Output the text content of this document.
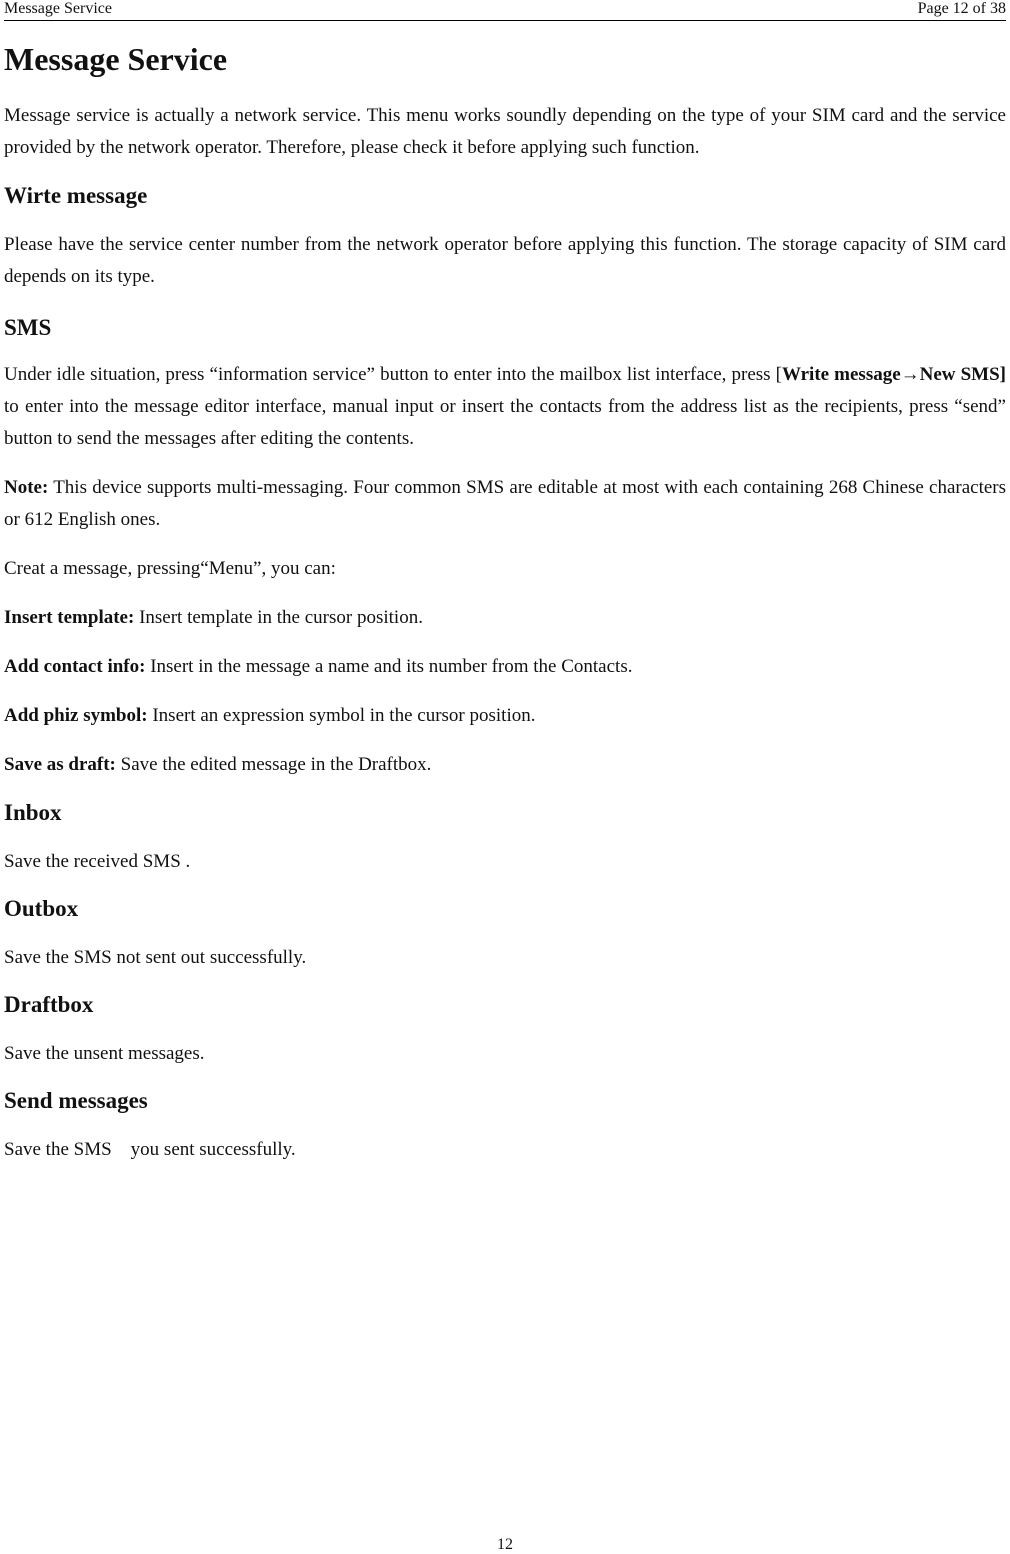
Message Service	Page 12 of 38
Message Service

Message service is actually a network service. This menu works soundly depending on the type of your SIM card and the service provided by the network operator. Therefore, please check it before applying such function.

Wirte message

Please have the service center number from the network operator before applying this function. The storage capacity of SIM card depends on its type.

SMS

Under idle situation, press “information service” button to enter into the mailbox list interface, press [Write message→New SMS] to enter into the message editor interface, manual input or insert the contacts from the address list as the recipients, press “send” button to send the messages after editing the contents.

Note: This device supports multi-messaging. Four common SMS are editable at most with each containing 268 Chinese characters or 612 English ones.

Creat a message, pressing“Menu”, you can:

Insert template: Insert template in the cursor position.

Add contact info: Insert in the message a name and its number from the Contacts.

Add phiz symbol: Insert an expression symbol in the cursor position.

Save as draft: Save the edited message in the Draftbox.

Inbox

Save the received SMS .

Outbox

Save the SMS not sent out successfully.

Draftbox

Save the unsent messages.

Send messages

Save the SMS    you sent successfully.

12
